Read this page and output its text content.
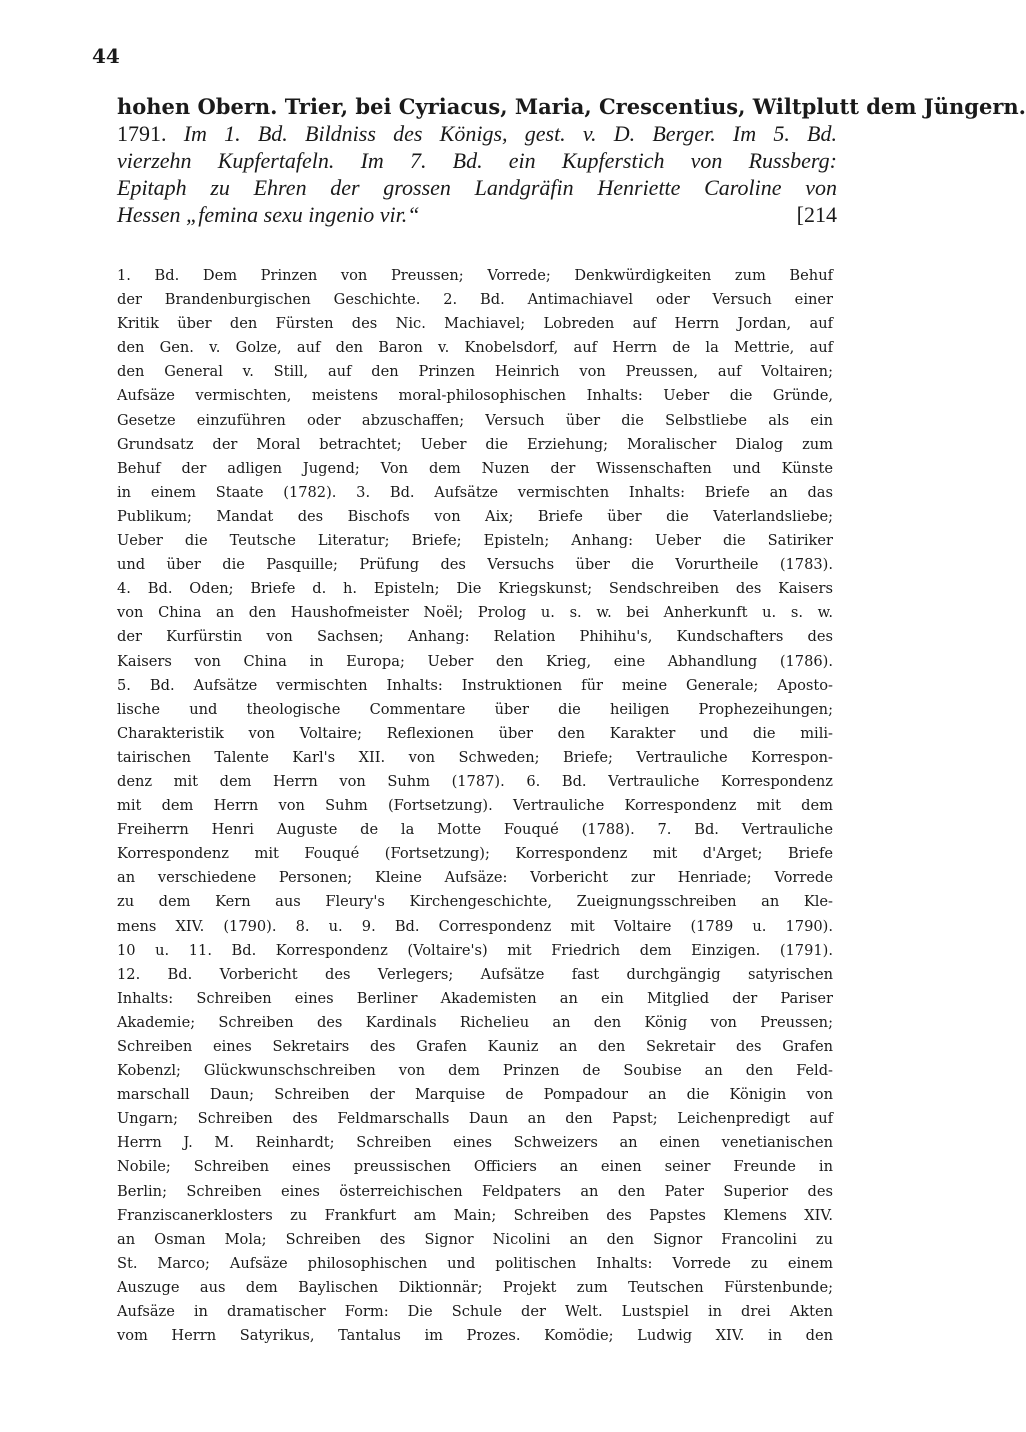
44
hohen Obern. Trier, bei Cyriacus, Maria, Crescentius, Wiltplutt dem Jüngern.
1791. Im 1. Bd. Bildniss des Königs, gest. v. D. Berger. Im 5. Bd.
vierzehn Kupfertafeln. Im 7. Bd. ein Kupferstich von Russberg:
Epitaph zu Ehren der grossen Landgräfin Henriette Caroline von
Hessen „femina sexu ingenio vir.“	[214
1. Bd. Dem Prinzen von Preussen; Vorrede; Denkwürdigkeiten zum Behuf
der Brandenburgischen Geschichte. 2. Bd. Antimachiavel oder Versuch einer
Kritik über den Fürsten des Nic. Machiavel; Lobreden auf Herrn Jordan, auf
den Gen. v. Golze, auf den Baron v. Knobelsdorf, auf Herrn de la Mettrie, auf
den General v. Still, auf den Prinzen Heinrich von Preussen, auf Voltairen;
Aufsäze vermischten, meistens moral-philosophischen Inhalts: Ueber die Gründe,
Gesetze einzuführen oder abzuschaffen; Versuch über die Selbstliebe als ein
Grundsatz der Moral betrachtet; Ueber die Erziehung; Moralischer Dialog zum
Behuf der adligen Jugend; Von dem Nuzen der Wissenschaften und Künste
in einem Staate (1782). 3. Bd. Aufsätze vermischten Inhalts: Briefe an das
Publikum; Mandat des Bischofs von Aix; Briefe über die Vaterlandsliebe;
Ueber die Teutsche Literatur; Briefe; Episteln; Anhang: Ueber die Satiriker
und über die Pasquille; Prüfung des Versuchs über die Vorurtheile (1783).
4. Bd. Oden; Briefe d. h. Episteln; Die Kriegskunst; Sendschreiben des Kaisers
von China an den Haushofmeister Noël; Prolog u. s. w. bei Anherkunft u. s. w.
der Kurfürstin von Sachsen; Anhang: Relation Phihihu's, Kundschafters des
Kaisers von China in Europa; Ueber den Krieg, eine Abhandlung (1786).
5. Bd. Aufsätze vermischten Inhalts: Instruktionen für meine Generale; Aposto-
lische und theologische Commentare über die heiligen Prophezeihungen;
Charakteristik von Voltaire; Reflexionen über den Karakter und die mili-
tairischen Talente Karl's XII. von Schweden; Briefe; Vertrauliche Korrespon-
denz mit dem Herrn von Suhm (1787). 6. Bd. Vertrauliche Korrespondenz
mit dem Herrn von Suhm (Fortsetzung). Vertrauliche Korrespondenz mit dem
Freiherrn Henri Auguste de la Motte Fouqué (1788). 7. Bd. Vertrauliche
Korrespondenz mit Fouqué (Fortsetzung); Korrespondenz mit d'Arget; Briefe
an verschiedene Personen; Kleine Aufsäze: Vorbericht zur Henriade; Vorrede
zu dem Kern aus Fleury's Kirchengeschichte, Zueignungsschreiben an Kle-
mens XIV. (1790). 8. u. 9. Bd. Correspondenz mit Voltaire (1789 u. 1790).
10 u. 11. Bd. Korrespondenz (Voltaire's) mit Friedrich dem Einzigen. (1791).
12. Bd. Vorbericht des Verlegers; Aufsätze fast durchgängig satyrischen
Inhalts: Schreiben eines Berliner Akademisten an ein Mitglied der Pariser
Akademie; Schreiben des Kardinals Richelieu an den König von Preussen;
Schreiben eines Sekretairs des Grafen Kauniz an den Sekretair des Grafen
Kobenzl; Glückwunschschreiben von dem Prinzen de Soubise an den Feld-
marschall Daun; Schreiben der Marquise de Pompadour an die Königin von
Ungarn; Schreiben des Feldmarschalls Daun an den Papst; Leichenpredigt auf
Herrn J. M. Reinhardt; Schreiben eines Schweizers an einen venetianischen
Nobile; Schreiben eines preussischen Officiers an einen seiner Freunde in
Berlin; Schreiben eines österreichischen Feldpaters an den Pater Superior des
Franziscanerklosters zu Frankfurt am Main; Schreiben des Papstes Klemens XIV.
an Osman Mola; Schreiben des Signor Nicolini an den Signor Francolini zu
St. Marco; Aufsäze philosophischen und politischen Inhalts: Vorrede zu einem
Auszuge aus dem Baylischen Diktionnär; Projekt zum Teutschen Fürstenbunde;
Aufsäze in dramatischer Form: Die Schule der Welt. Lustspiel in drei Akten
vom Herrn Satyrikus, Tantalus im Prozes. Komödie; Ludwig XIV. in den
